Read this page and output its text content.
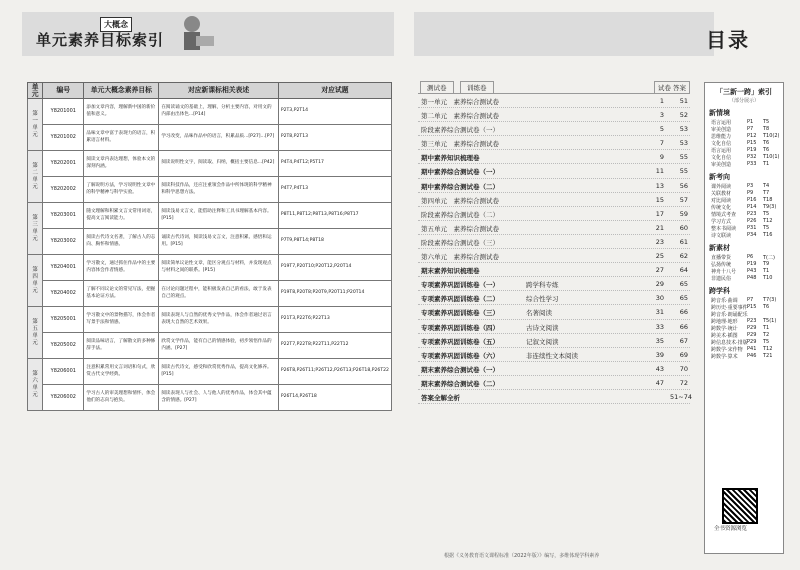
大概念
单元素养目标索引	目录
单元	编号	单元大概念素养目标	对应新课标相关表述	对应试题
第一单元	Y8201001	添加文章内容，理解新中国的新价值和意义。	在阅读诵文的基础上，理解，分析主要内容，对用文的内部由出体色...[P14]	P2T3,P2T14
	Y8201002	品味文章中富于表现力的语言，积累语言材料。	学习改变，品味作品中的语言，积累品质...[P27]...[P7]	P2T8,P2T13
第二单元	Y8202001	阅读文章内表达理想，体验本文的深刻内涵。	阅读说明性文字，阅读取、归纳，概括主要信息...[P42]	P4T4,P4T12;P5T17
	Y8202002	了解说明方法，学习说明性文章中的科学精神与科学实验。	阅读科技作品，还应注重领会作品中所体现的科学精神和科学思想方法。	P4T7,P4T13
第三单元	Y8203001	随文理解和积累文言文常用词语，提高文言阅读能力。	阅读浅易文言文，能借助注释和工具书理解基本内容。[P15]	P8T11,P8T12;P8T13,P8T16;P8T17
	Y8203002	阅读古代诗文名著，了解古人的志向、胸怀和情感。	诵读古代诗词，阅读浅易文言文，注意积累、感悟和运用。[P15]	P7T9,P8T14;P8T18
第四单元	Y8204001	学习散文，通过抓住作品中的主要内容体会作者情感。	阅读简单议论性文章，能区分观点与材料，并发现观点与材料之间的联系。[P15]	P19T7,P20T10;P20T12,P20T14
	Y8204002	了解不同议论文的常见写法，把握基本论证方法。	在讨论问题过程中，能积极发表自己的看法，敢于发表自己的观点。	P19T8,P20T8;P20T9,P20T11;P20T14
第五单元	Y8205001	学习散文中的景物描写，体会作者写景手法和情感。	阅读表现人与自然的优秀文学作品，体会作者通过语言表现大自然的艺术效果。	P21T3,P22T6;P22T13
	Y8205002	阅读品味语言，了解散文的多种修辞手法。	欣赏文学作品，能有自己的情感体验，初步领悟作品的内涵。[P27]	P22T7,P22T8;P22T11,P22T12
第六单元	Y8206001	注意积累常用文言词语和句式，欣赏古代文学经典。	阅读古代诗文，感受和欣赏优秀作品，提高文化修养。[P15]	P26T8,P26T11;P26T12,P26T13;P26T18,P26T22
	Y8206002	学习古人的审美理想和情怀，体会他们的志向与抱负。	阅读表现人与社会、人与他人的优秀作品，体会其中蕴含的情感。[P27]	P26T14,P26T18
测试卷	训练卷	试卷 答案
第一单元　素养综合测试卷	1	51
第二单元　素养综合测试卷	3	52
阶段素养综合测试卷（一）	5	53
第三单元　素养综合测试卷	7	53
期中素养知识梳理卷	9	55
期中素养综合测试卷（一）	11	55
期中素养综合测试卷（二）	13	56
第四单元　素养综合测试卷	15	57
阶段素养综合测试卷（二）	17	59
第五单元　素养综合测试卷	21	60
阶段素养综合测试卷（三）	23	61
第六单元　素养综合测试卷	25	62
期末素养知识梳理卷	27	64
专项素养巩固训练卷（一）	跨学科专练	29	65
专项素养巩固训练卷（二）	综合性学习	30	65
专项素养巩固训练卷（三）	名著阅读	31	66
专项素养巩固训练卷（四）	古诗文阅读	33	66
专项素养巩固训练卷（五）	记叙文阅读	35	67
专项素养巩固训练卷（六）	非连续性文本阅读	39	69
期末素养综合测试卷（一）	43	70
期末素养综合测试卷（二）	47	72
答案全解全析	51~74
根据《义务教育语文课程标准（2022年版）》编写，多维体现学科素养
「三新一跨」索引
（部分展示）
新情境
语言运用	P1 T5
审美创造	P7 T8
思维能力	P12 T10(2)
文化自信	P15 T6
语言运用	P19 T6
文化自信	P32 T10(1)
审美创造	P33 T1
新考向
课外阅读	P3 T4
关联教材	P9 T7
对比阅读	P16 T18
传统文化	P14 T9(3)
情境式考查 P23 T5
学习方式	P26 T12
整本书阅读 P31 T5
诗文联读	P34 T16
新素材
直播带货	P6 T(二)
弘扬传统	P19 T9
神舟十八号 P43 T1
非遗民俗	P48 T10
跨学科
跨音乐·曲调 P7 T7(3)
跨历史·重要事件 P15 T6
跨音乐·朗诵配乐
跨地理·地形 P23 T5(1)
跨数学·统计 P29 T1
跨美术·插图 P29 T2
跨信息技术·排版 P29 T5
跨数学·宋作物 P41 T12
跨数学·算术 P46 T21
全书资源浏览
